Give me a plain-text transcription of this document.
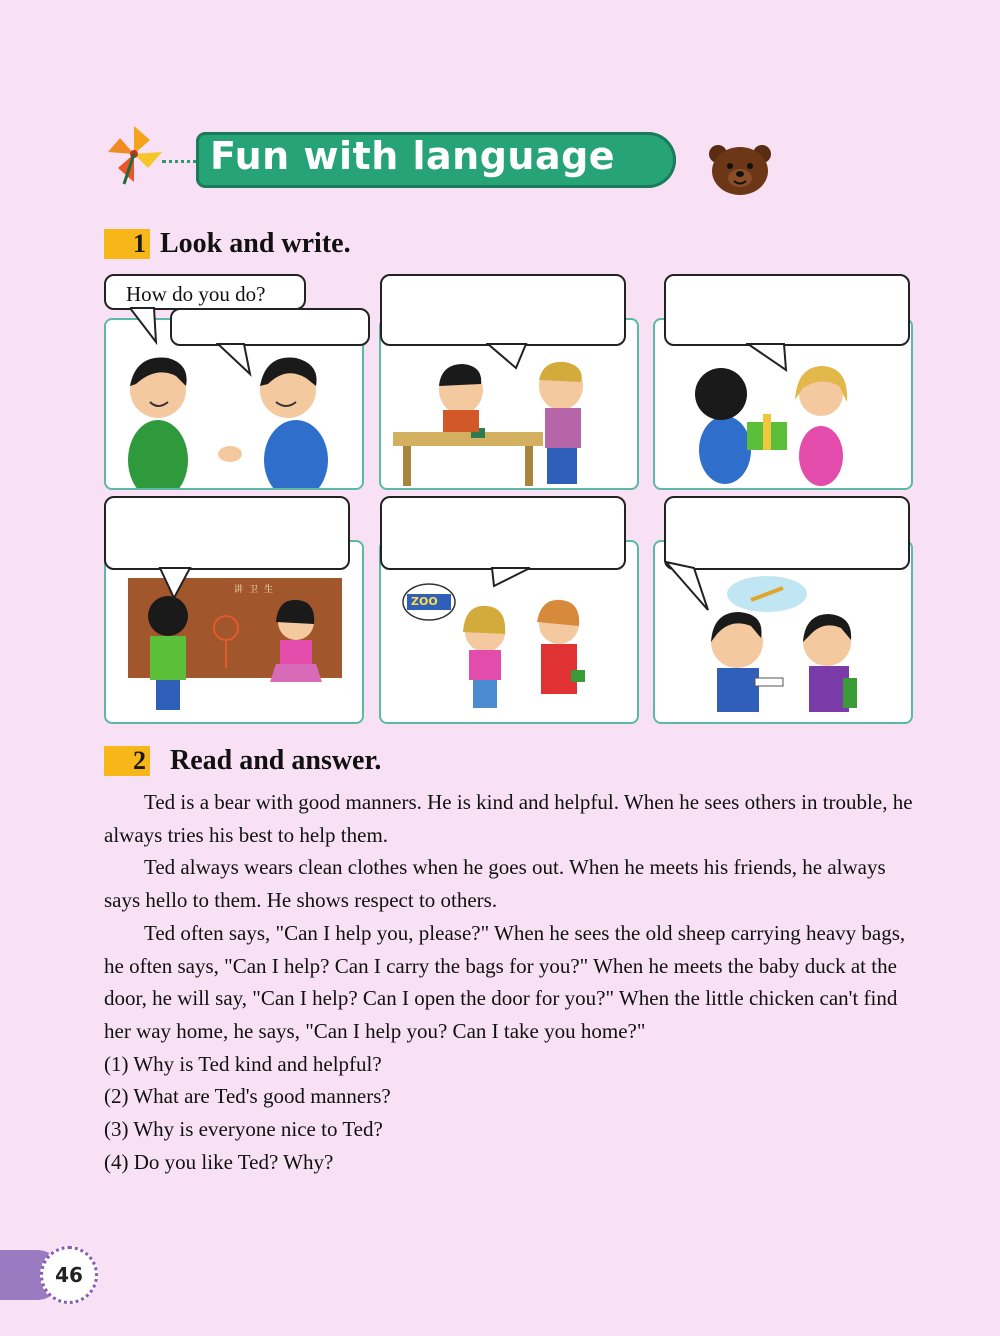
Fun with language
1 Look and write.
How do you do?
讲卫生
ZOO
2 Read and answer.

Ted is a bear with good manners. He is kind and helpful. When he sees others in trouble, he always tries his best to help them.

Ted always wears clean clothes when he goes out. When he meets his friends, he always says hello to them. He shows respect to others.

Ted often says, "Can I help you, please?" When he sees the old sheep carrying heavy bags, he often says, "Can I help? Can I carry the bags for you?" When he meets the baby duck at the door, he will say, "Can I help? Can I open the door for you?" When the little chicken can't find her way home, he says, "Can I help you? Can I take you home?"

(1) Why is Ted kind and helpful?
(2) What are Ted's good manners?
(3) Why is everyone nice to Ted?
(4) Do you like Ted? Why?
46
